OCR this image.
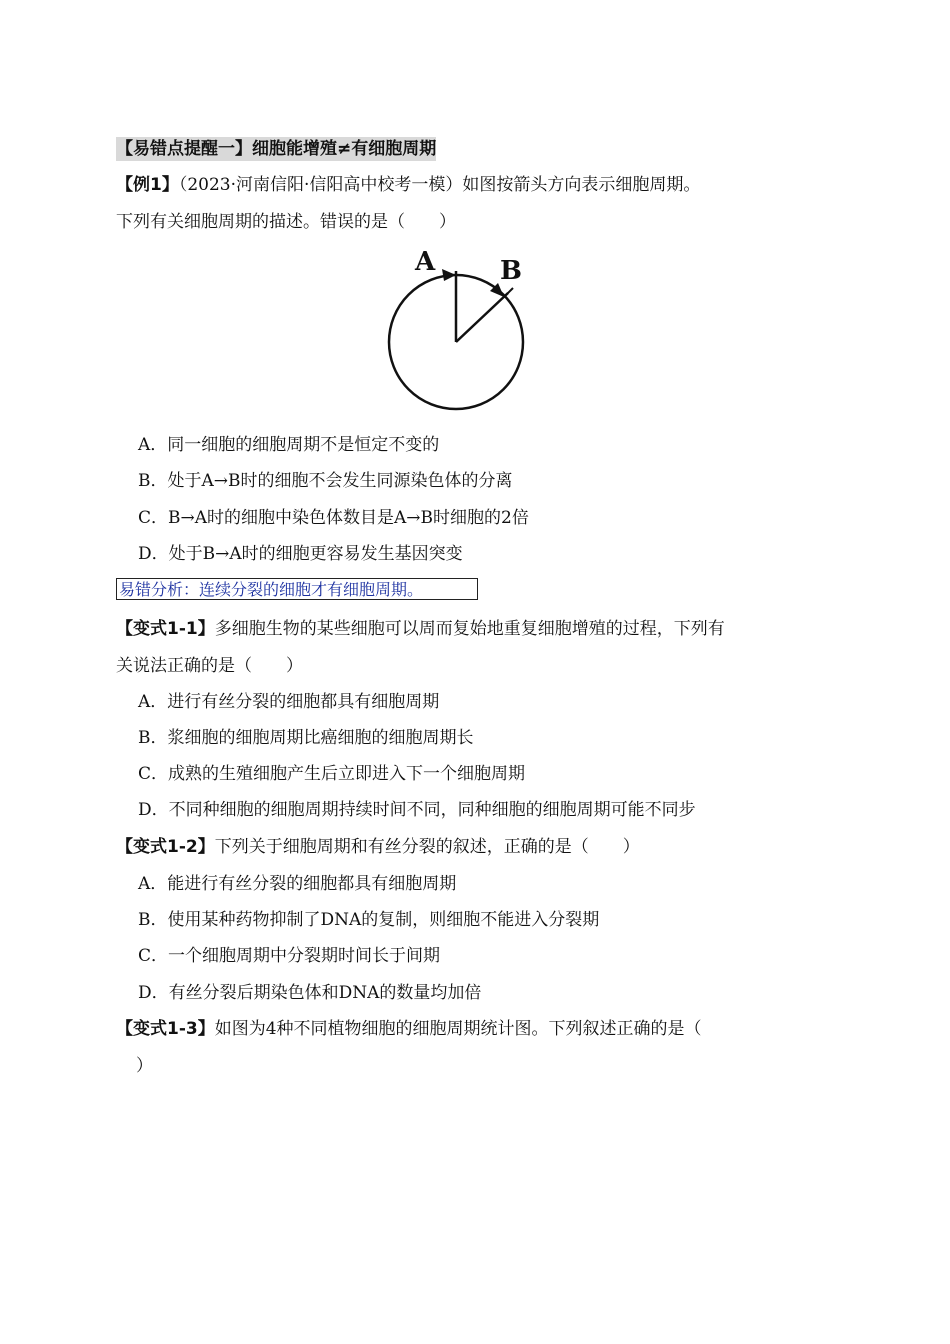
【易错点提醒一】细胞能增殖≠有细胞周期
【例1】（2023·河南信阳·信阳高中校考一模）如图按箭头方向表示细胞周期。
下列有关细胞周期的描述。错误的是（　　）
A B
A．同一细胞的细胞周期不是恒定不变的
B．处于A→B时的细胞不会发生同源染色体的分离
C．B→A时的细胞中染色体数目是A→B时细胞的2倍
D．处于B→A时的细胞更容易发生基因突变
易错分析：连续分裂的细胞才有细胞周期。
【变式1-1】多细胞生物的某些细胞可以周而复始地重复细胞增殖的过程，下列有
关说法正确的是（　　）
A．进行有丝分裂的细胞都具有细胞周期
B．浆细胞的细胞周期比癌细胞的细胞周期长
C．成熟的生殖细胞产生后立即进入下一个细胞周期
D．不同种细胞的细胞周期持续时间不同，同种细胞的细胞周期可能不同步
【变式1-2】下列关于细胞周期和有丝分裂的叙述，正确的是（　　）
A．能进行有丝分裂的细胞都具有细胞周期
B．使用某种药物抑制了DNA的复制，则细胞不能进入分裂期
C．一个细胞周期中分裂期时间长于间期
D．有丝分裂后期染色体和DNA的数量均加倍
【变式1-3】如图为4种不同植物细胞的细胞周期统计图。下列叙述正确的是（
）
